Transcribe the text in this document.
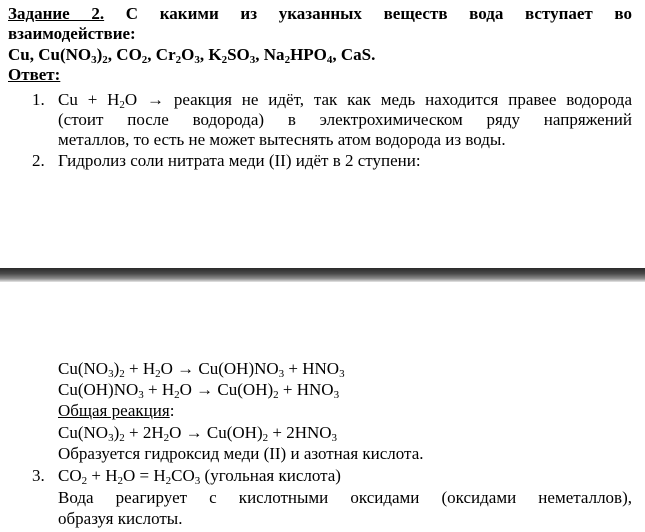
Задание 2. С какими из указанных веществ вода вступает во
взаимодействие:
Cu, $Cu(NO_3)_2$, $CO_2$, $Cr_2O_3$, $K_2SO_3$, $Na_2HPO_4$, CaS.
Ответ:
1. $Cu + H_2O$ → реакция не идёт, так как медь находится правее водорода
(стоит после водорода) в электрохимическом ряду напряжений
металлов, то есть не может вытеснять атом водорода из воды.
2. Гидролиз соли нитрата меди (II) идёт в 2 ступени:
$Cu(NO_3)_2 + H_2O \to Cu(OH)NO_3 + HNO_3$
$Cu(OH)NO_3 + H_2O \to Cu(OH)_2 + HNO_3$
Общая реакция:
$Cu(NO_3)_2 + 2H_2O \to Cu(OH)_2 + 2HNO_3$
Образуется гидроксид меди (II) и азотная кислота.
3. $CO_2 + H_2O = H_2CO_3$ (угольная кислота)
Вода реагирует с кислотными оксидами (оксидами неметаллов),
образуя кислоты.
